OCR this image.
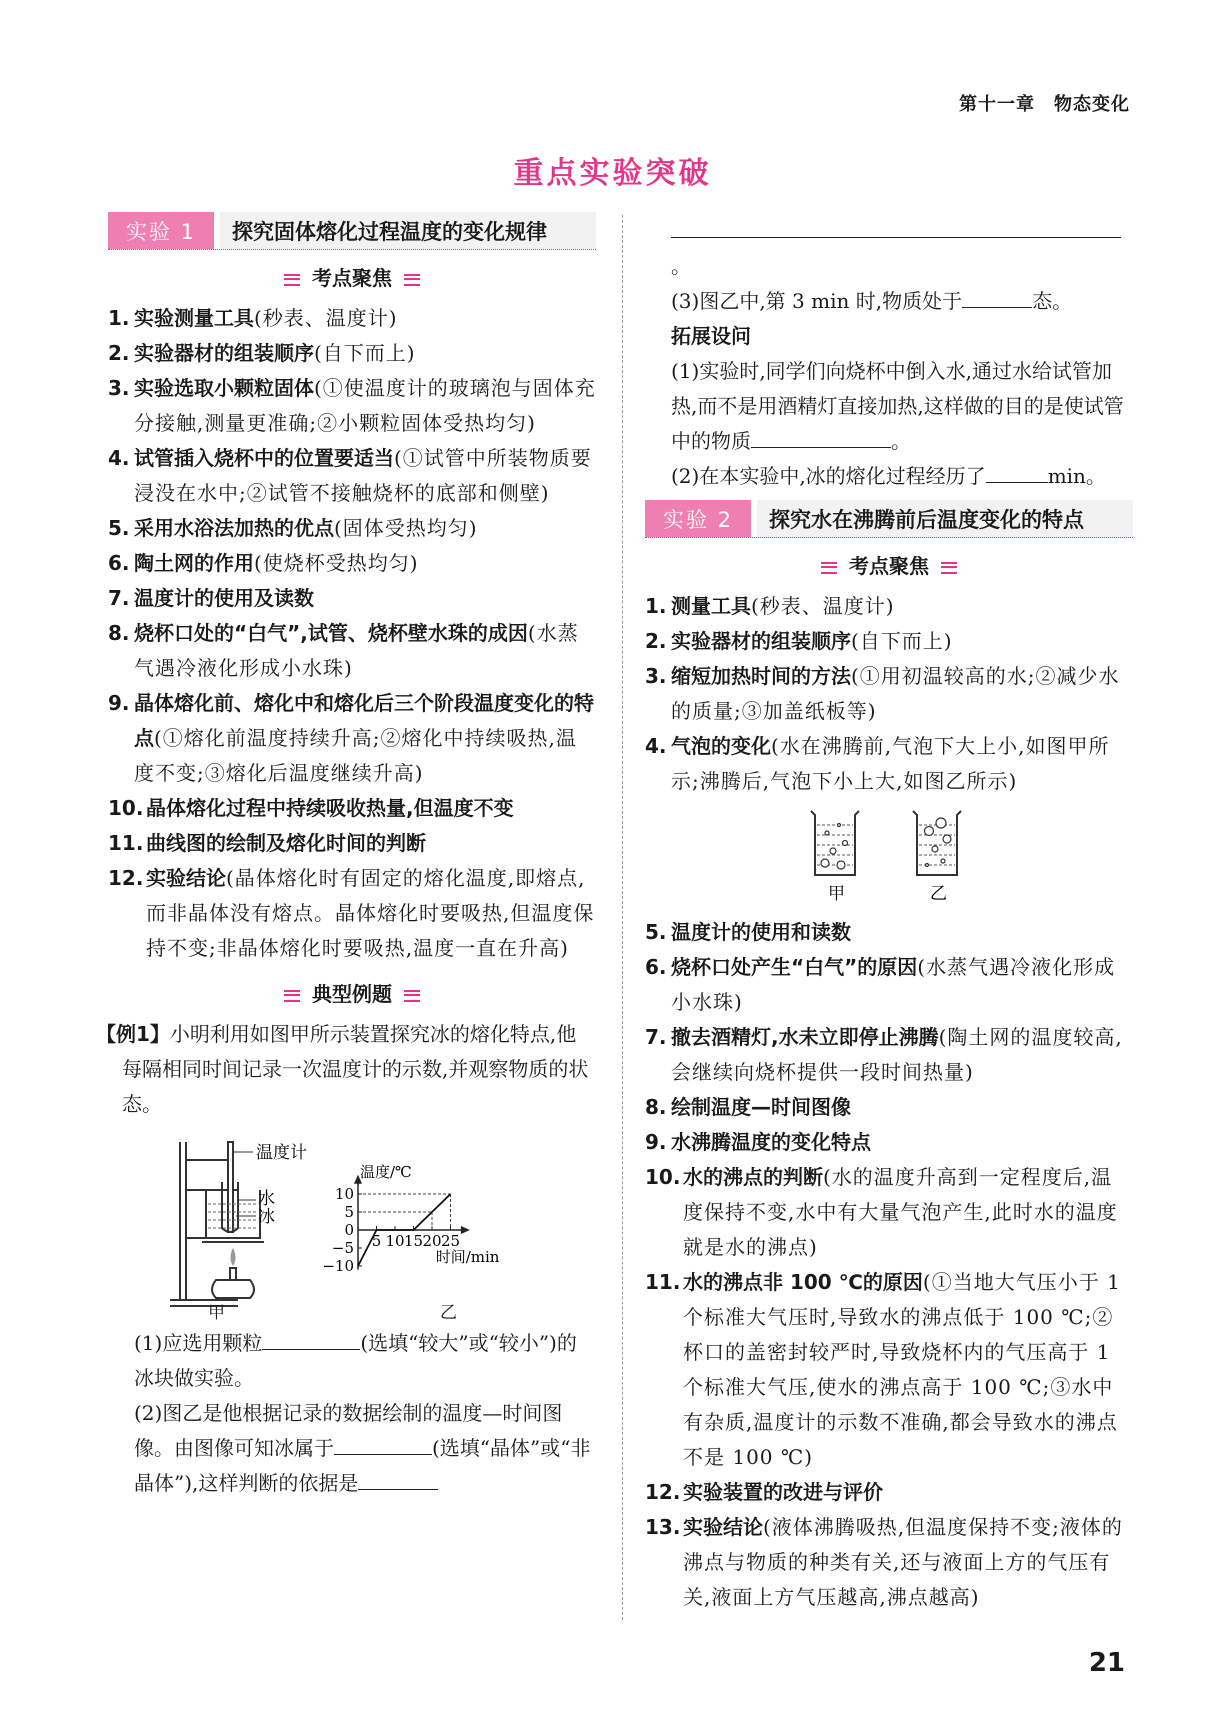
第十一章　物态变化
重点实验突破
实验 1	探究固体熔化过程温度的变化规律
考点聚焦
1. 实验测量工具(秒表、温度计)
2. 实验器材的组装顺序(自下而上)
3. 实验选取小颗粒固体(①使温度计的玻璃泡与固体充分接触,测量更准确;②小颗粒固体受热均匀)
4. 试管插入烧杯中的位置要适当(①试管中所装物质要浸没在水中;②试管不接触烧杯的底部和侧壁)
5. 采用水浴法加热的优点(固体受热均匀)
6. 陶土网的作用(使烧杯受热均匀)
7. 温度计的使用及读数
8. 烧杯口处的“白气”,试管、烧杯壁水珠的成因(水蒸气遇冷液化形成小水珠)
9. 晶体熔化前、熔化中和熔化后三个阶段温度变化的特点(①熔化前温度持续升高;②熔化中持续吸热,温度不变;③熔化后温度继续升高)
10. 晶体熔化过程中持续吸收热量,但温度不变
11. 曲线图的绘制及熔化时间的判断
12. 实验结论(晶体熔化时有固定的熔化温度,即熔点,而非晶体没有熔点。晶体熔化时要吸热,但温度保持不变;非晶体熔化时要吸热,温度一直在升高)
典型例题
【例1】小明利用如图甲所示装置探究冰的熔化特点,他每隔相同时间记录一次温度计的示数,并观察物质的状态。
温度计
水
冰
10
5
0
−5
−10
5 10 15 20 25
温度/℃
时间/min
甲	乙
(1)应选用颗粒	(选填“较大”或“较小”)的冰块做实验。
(2)图乙是他根据记录的数据绘制的温度—时间图像。由图像可知冰属于	(选填“晶体”或“非晶体”),这样判断的依据是
。
(3)图乙中,第 3 min 时,物质处于	态。
拓展设问
(1)实验时,同学们向烧杯中倒入水,通过水给试管加热,而不是用酒精灯直接加热,这样做的目的是使试管中的物质	。
(2)在本实验中,冰的熔化过程经历了	min。
实验 2	探究水在沸腾前后温度变化的特点
考点聚焦
1. 测量工具(秒表、温度计)
2. 实验器材的组装顺序(自下而上)
3. 缩短加热时间的方法(①用初温较高的水;②减少水的质量;③加盖纸板等)
4. 气泡的变化(水在沸腾前,气泡下大上小,如图甲所示;沸腾后,气泡下小上大,如图乙所示)
甲	乙
5. 温度计的使用和读数
6. 烧杯口处产生“白气”的原因(水蒸气遇冷液化形成小水珠)
7. 撤去酒精灯,水未立即停止沸腾(陶土网的温度较高,会继续向烧杯提供一段时间热量)
8. 绘制温度—时间图像
9. 水沸腾温度的变化特点
10. 水的沸点的判断(水的温度升高到一定程度后,温度保持不变,水中有大量气泡产生,此时水的温度就是水的沸点)
11. 水的沸点非 100 ℃的原因(①当地大气压小于 1 个标准大气压时,导致水的沸点低于 100 ℃;②杯口的盖密封较严时,导致烧杯内的气压高于 1 个标准大气压,使水的沸点高于 100 ℃;③水中有杂质,温度计的示数不准确,都会导致水的沸点不是 100 ℃)
12. 实验装置的改进与评价
13. 实验结论(液体沸腾吸热,但温度保持不变;液体的沸点与物质的种类有关,还与液面上方的气压有关,液面上方气压越高,沸点越高)
21
